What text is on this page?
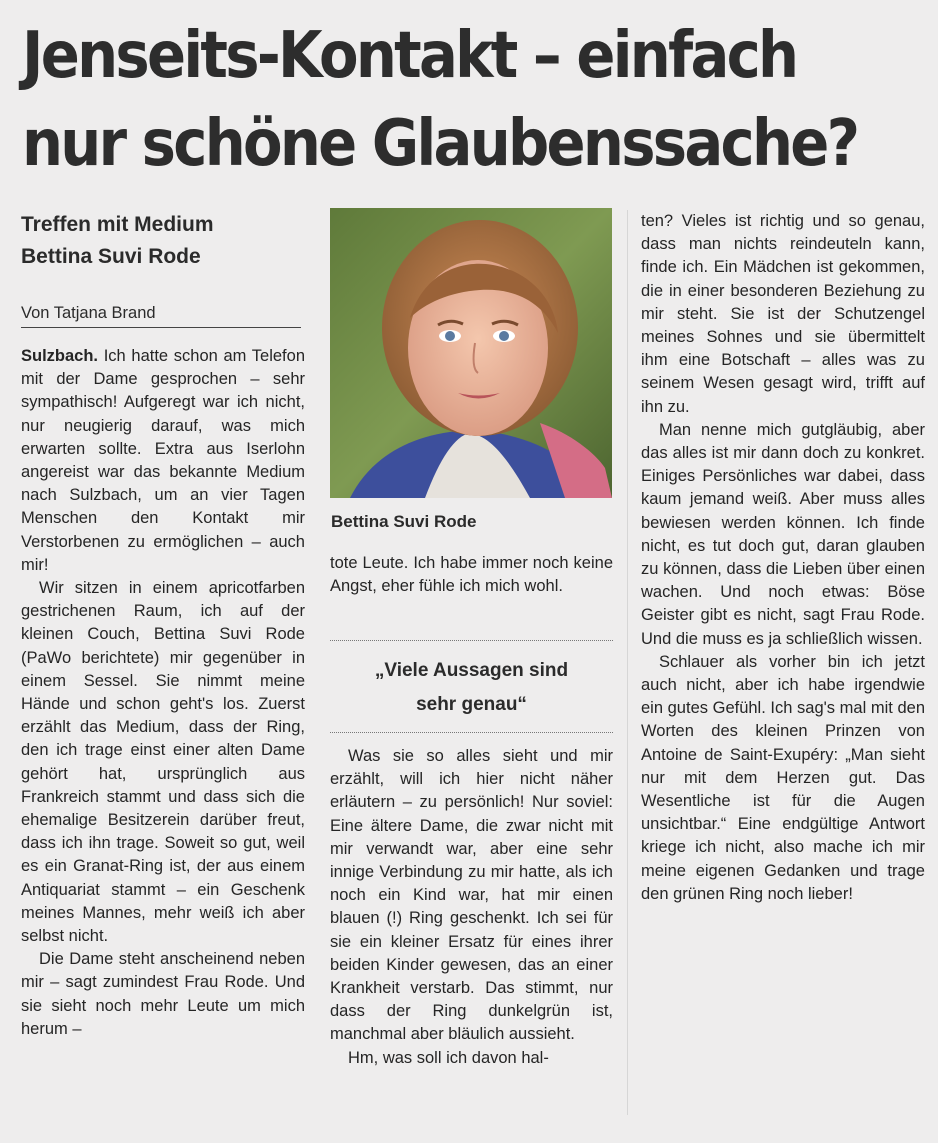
Jenseits-Kontakt – einfach
nur schöne Glaubenssache?
Treffen mit Medium
Bettina Suvi Rode
Von Tatjana Brand

Sulzbach. Ich hatte schon am Telefon mit der Dame gesprochen – sehr sympathisch! Aufgeregt war ich nicht, nur neugierig darauf, was mich erwarten sollte. Extra aus Iserlohn angereist war das bekannte Medium nach Sulzbach, um an vier Tagen Menschen den Kontakt mir Verstorbenen zu ermöglichen – auch mir!

Wir sitzen in einem apricotfarben gestrichenen Raum, ich auf der kleinen Couch, Bettina Suvi Rode (PaWo berichtete) mir gegenüber in einem Sessel. Sie nimmt meine Hände und schon geht's los. Zuerst erzählt das Medium, dass der Ring, den ich trage einst einer alten Dame gehört hat, ursprünglich aus Frankreich stammt und dass sich die ehemalige Besitzerein darüber freut, dass ich ihn trage. Soweit so gut, weil es ein Granat-Ring ist, der aus einem Antiquariat stammt – ein Geschenk meines Mannes, mehr weiß ich aber selbst nicht.

Die Dame steht anscheinend neben mir – sagt zumindest Frau Rode. Und sie sieht noch mehr Leute um mich herum –

Bettina Suvi Rode

tote Leute. Ich habe immer noch keine Angst, eher fühle ich mich wohl.

„Viele Aussagen sind
sehr genau“

Was sie so alles sieht und mir erzählt, will ich hier nicht näher erläutern – zu persönlich! Nur soviel: Eine ältere Dame, die zwar nicht mit mir verwandt war, aber eine sehr innige Verbindung zu mir hatte, als ich noch ein Kind war, hat mir einen blauen (!) Ring geschenkt. Ich sei für sie ein kleiner Ersatz für eines ihrer beiden Kinder gewesen, das an einer Krankheit verstarb. Das stimmt, nur dass der Ring dunkelgrün ist, manchmal aber bläulich aussieht.

Hm, was soll ich davon hal-

ten? Vieles ist richtig und so genau, dass man nichts reindeuteln kann, finde ich. Ein Mädchen ist gekommen, die in einer besonderen Beziehung zu mir steht. Sie ist der Schutzengel meines Sohnes und sie übermittelt ihm eine Botschaft – alles was zu seinem Wesen gesagt wird, trifft auf ihn zu.

Man nenne mich gutgläubig, aber das alles ist mir dann doch zu konkret. Einiges Persönliches war dabei, dass kaum jemand weiß. Aber muss alles bewiesen werden können. Ich finde nicht, es tut doch gut, daran glauben zu können, dass die Lieben über einen wachen. Und noch etwas: Böse Geister gibt es nicht, sagt Frau Rode. Und die muss es ja schließlich wissen.

Schlauer als vorher bin ich jetzt auch nicht, aber ich habe irgendwie ein gutes Gefühl. Ich sag's mal mit den Worten des kleinen Prinzen von Antoine de Saint-Exupéry: „Man sieht nur mit dem Herzen gut. Das Wesentliche ist für die Augen unsichtbar.“ Eine endgültige Antwort kriege ich nicht, also mache ich mir meine eigenen Gedanken und trage den grünen Ring noch lieber!
